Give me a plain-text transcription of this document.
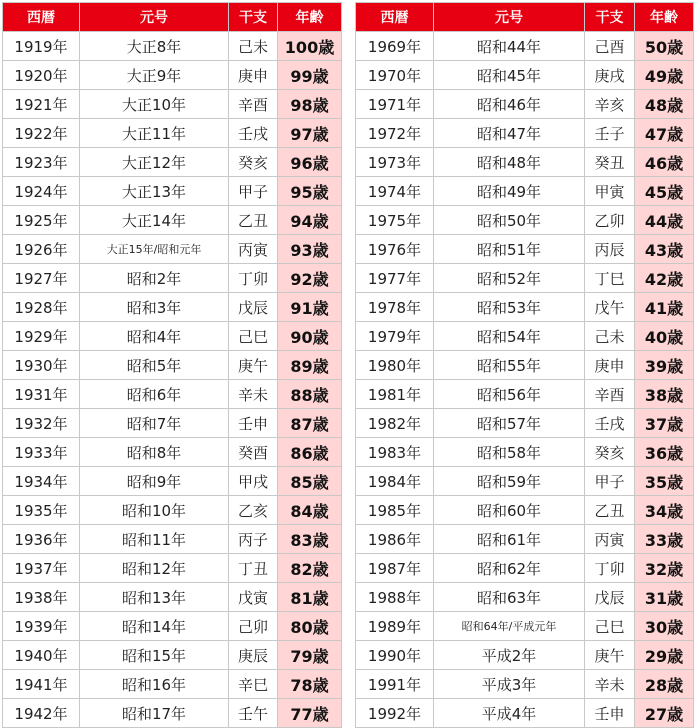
西暦	元号	干支	年齢
1919年	大正8年	己未	100歳
1920年	大正9年	庚申	99歳
1921年	大正10年	辛酉	98歳
1922年	大正11年	壬戌	97歳
1923年	大正12年	癸亥	96歳
1924年	大正13年	甲子	95歳
1925年	大正14年	乙丑	94歳
1926年	大正15年/昭和元年	丙寅	93歳
1927年	昭和2年	丁卯	92歳
1928年	昭和3年	戊辰	91歳
1929年	昭和4年	己巳	90歳
1930年	昭和5年	庚午	89歳
1931年	昭和6年	辛未	88歳
1932年	昭和7年	壬申	87歳
1933年	昭和8年	癸酉	86歳
1934年	昭和9年	甲戌	85歳
1935年	昭和10年	乙亥	84歳
1936年	昭和11年	丙子	83歳
1937年	昭和12年	丁丑	82歳
1938年	昭和13年	戊寅	81歳
1939年	昭和14年	己卯	80歳
1940年	昭和15年	庚辰	79歳
1941年	昭和16年	辛巳	78歳
1942年	昭和17年	壬午	77歳
西暦	元号	干支	年齢
1969年	昭和44年	己酉	50歳
1970年	昭和45年	庚戌	49歳
1971年	昭和46年	辛亥	48歳
1972年	昭和47年	壬子	47歳
1973年	昭和48年	癸丑	46歳
1974年	昭和49年	甲寅	45歳
1975年	昭和50年	乙卯	44歳
1976年	昭和51年	丙辰	43歳
1977年	昭和52年	丁巳	42歳
1978年	昭和53年	戊午	41歳
1979年	昭和54年	己未	40歳
1980年	昭和55年	庚申	39歳
1981年	昭和56年	辛酉	38歳
1982年	昭和57年	壬戌	37歳
1983年	昭和58年	癸亥	36歳
1984年	昭和59年	甲子	35歳
1985年	昭和60年	乙丑	34歳
1986年	昭和61年	丙寅	33歳
1987年	昭和62年	丁卯	32歳
1988年	昭和63年	戊辰	31歳
1989年	昭和64年/平成元年	己巳	30歳
1990年	平成2年	庚午	29歳
1991年	平成3年	辛未	28歳
1992年	平成4年	壬申	27歳
